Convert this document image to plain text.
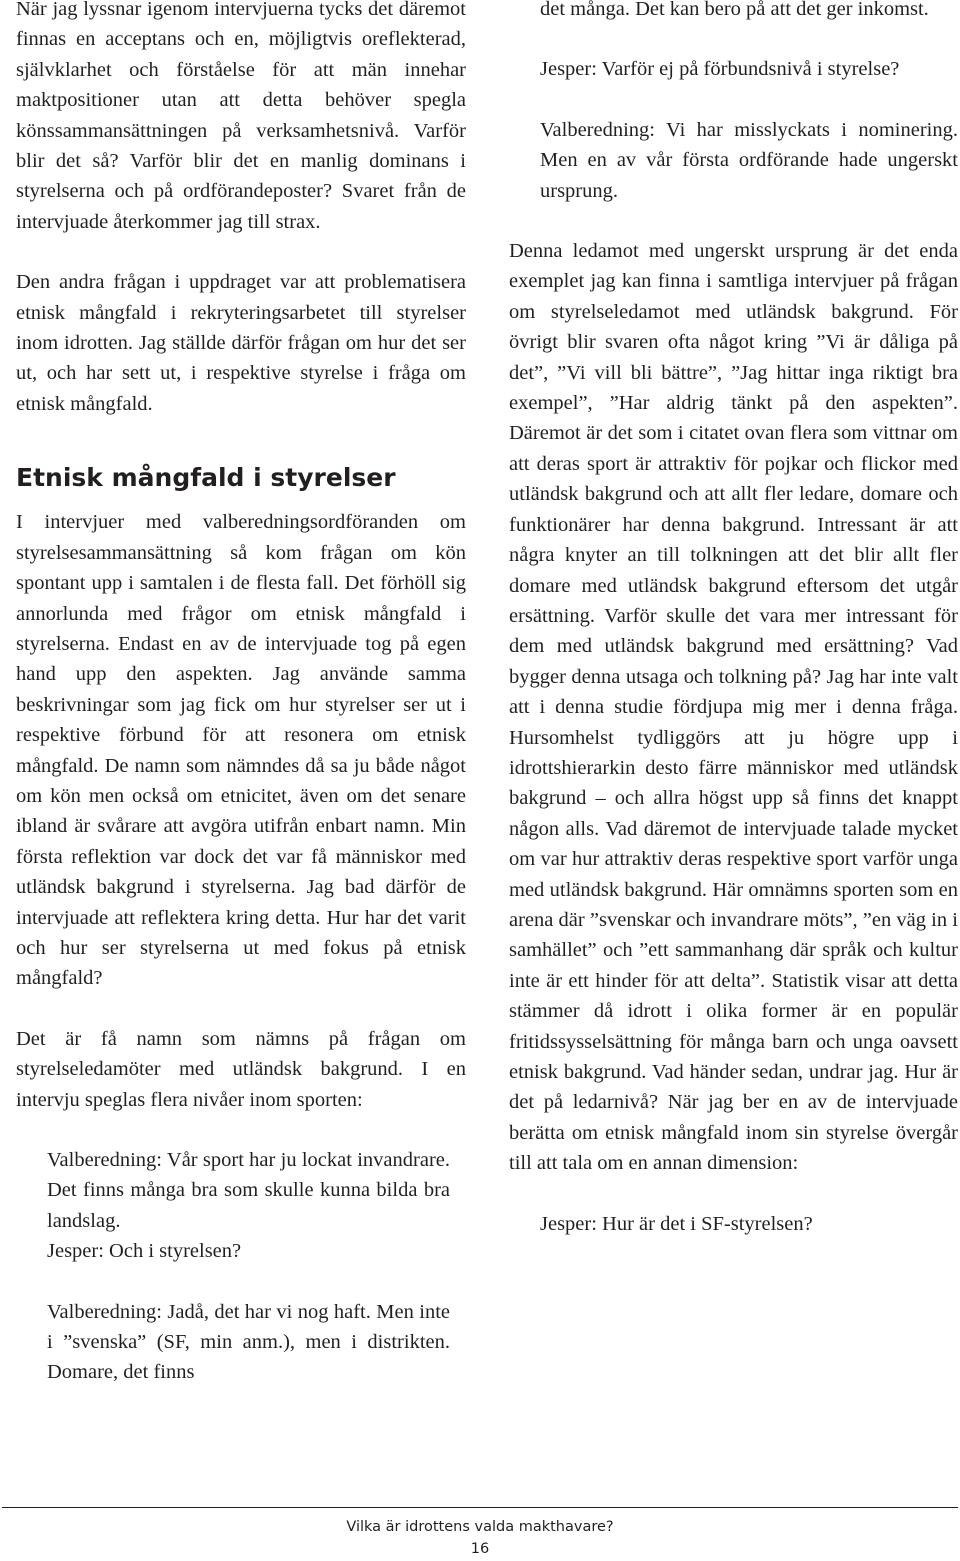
När jag lyssnar igenom intervjuerna tycks det däremot finnas en acceptans och en, möjligtvis oreflekterad, självklarhet och förståelse för att män innehar maktpositioner utan att detta behöver spegla könssammansättningen på verksamhetsnivå. Varför blir det så? Varför blir det en manlig dominans i styrelserna och på ordförandeposter? Svaret från de intervjuade återkommer jag till strax.

Den andra frågan i uppdraget var att problematisera etnisk mångfald i rekryteringsarbetet till styrelser inom idrotten. Jag ställde därför frågan om hur det ser ut, och har sett ut, i respektive styrelse i fråga om etnisk mångfald.

Etnisk mångfald i styrelser

I intervjuer med valberedningsordföranden om styrelsesammansättning så kom frågan om kön spontant upp i samtalen i de flesta fall. Det förhöll sig annorlunda med frågor om etnisk mångfald i styrelserna. Endast en av de intervjuade tog på egen hand upp den aspekten. Jag använde samma beskrivningar som jag fick om hur styrelser ser ut i respektive förbund för att resonera om etnisk mångfald. De namn som nämndes då sa ju både något om kön men också om etnicitet, även om det senare ibland är svårare att avgöra utifrån enbart namn. Min första reflektion var dock det var få människor med utländsk bakgrund i styrelserna. Jag bad därför de intervjuade att reflektera kring detta. Hur har det varit och hur ser styrelserna ut med fokus på etnisk mångfald?

Det är få namn som nämns på frågan om styrelseledamöter med utländsk bakgrund. I en intervju speglas flera nivåer inom sporten:

Valberedning: Vår sport har ju lockat invandrare. Det finns många bra som skulle kunna bilda bra landslag.

Jesper: Och i styrelsen?

Valberedning: Jadå, det har vi nog haft. Men inte i ”svenska” (SF, min anm.), men i distrikten. Domare, det finns

det många. Det kan bero på att det ger inkomst.

Jesper: Varför ej på förbundsnivå i styrelse?

Valberedning: Vi har misslyckats i nominering. Men en av vår första ordförande hade ungerskt ursprung.

Denna ledamot med ungerskt ursprung är det enda exemplet jag kan finna i samtliga intervjuer på frågan om styrelseledamot med utländsk bakgrund. För övrigt blir svaren ofta något kring ”Vi är dåliga på det”, ”Vi vill bli bättre”, ”Jag hittar inga riktigt bra exempel”, ”Har aldrig tänkt på den aspekten”. Däremot är det som i citatet ovan flera som vittnar om att deras sport är attraktiv för pojkar och flickor med utländsk bakgrund och att allt fler ledare, domare och funktionärer har denna bakgrund. Intressant är att några knyter an till tolkningen att det blir allt fler domare med utländsk bakgrund eftersom det utgår ersättning. Varför skulle det vara mer intressant för dem med utländsk bakgrund med ersättning? Vad bygger denna utsaga och tolkning på? Jag har inte valt att i denna studie fördjupa mig mer i denna fråga. Hursomhelst tydliggörs att ju högre upp i idrottshierarkin desto färre människor med utländsk bakgrund – och allra högst upp så finns det knappt någon alls. Vad däremot de intervjuade talade mycket om var hur attraktiv deras respektive sport varför unga med utländsk bakgrund. Här omnämns sporten som en arena där ”svenskar och invandrare möts”, ”en väg in i samhället” och ”ett sammanhang där språk och kultur inte är ett hinder för att delta”. Statistik visar att detta stämmer då idrott i olika former är en populär fritidssysselsättning för många barn och unga oavsett etnisk bakgrund. Vad händer sedan, undrar jag. Hur är det på ledarnivå? När jag ber en av de intervjuade berätta om etnisk mångfald inom sin styrelse övergår till att tala om en annan dimension:

Jesper: Hur är det i SF-styrelsen?

Vilka är idrottens valda makthavare?
16
